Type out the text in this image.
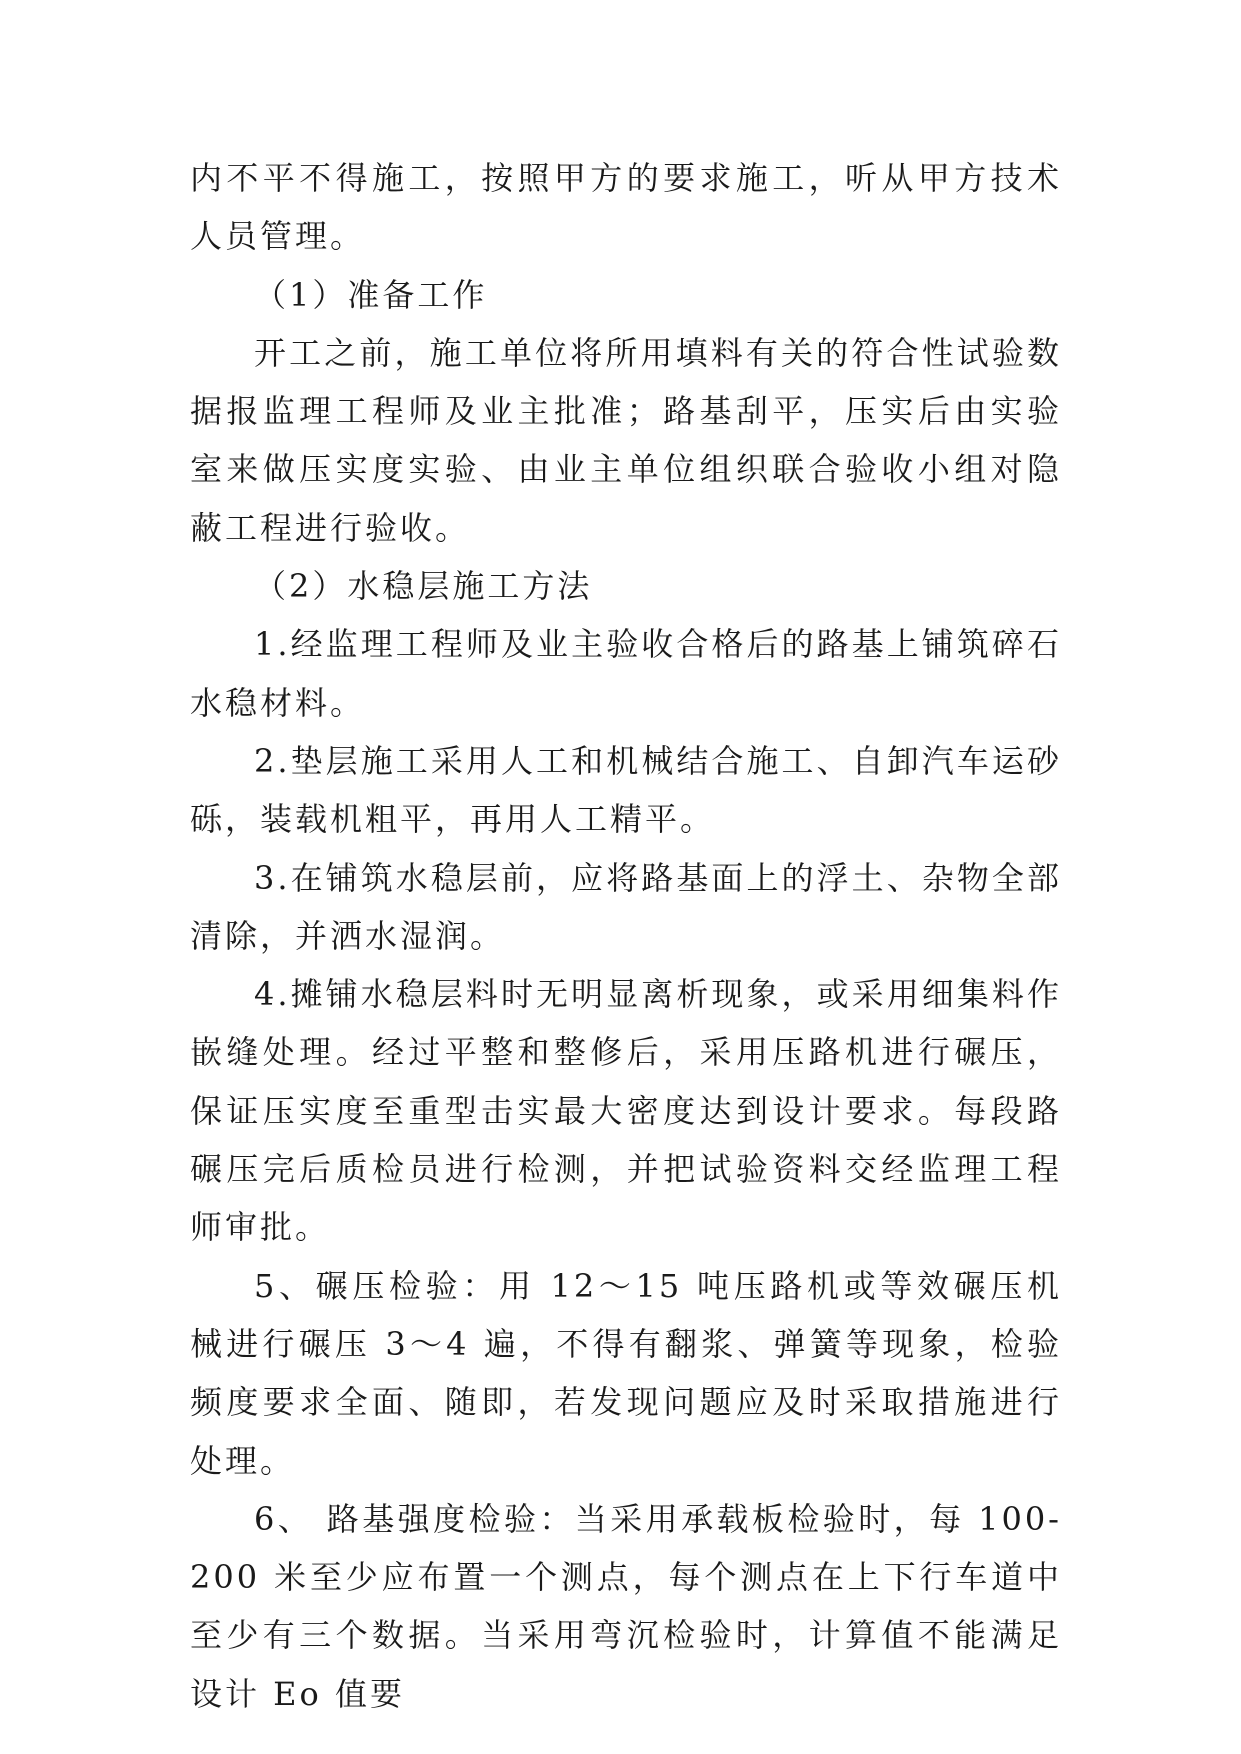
内不平不得施工，按照甲方的要求施工，听从甲方技术人员管理。

（1）准备工作

开工之前，施工单位将所用填料有关的符合性试验数据报监理工程师及业主批准；路基刮平，压实后由实验室来做压实度实验、由业主单位组织联合验收小组对隐蔽工程进行验收。

（2）水稳层施工方法

1.经监理工程师及业主验收合格后的路基上铺筑碎石水稳材料。

2.垫层施工采用人工和机械结合施工、自卸汽车运砂砾，装载机粗平，再用人工精平。

3.在铺筑水稳层前，应将路基面上的浮土、杂物全部清除，并洒水湿润。

4.摊铺水稳层料时无明显离析现象，或采用细集料作嵌缝处理。经过平整和整修后，采用压路机进行碾压，保证压实度至重型击实最大密度达到设计要求。每段路碾压完后质检员进行检测，并把试验资料交经监理工程师审批。

5、碾压检验：用 12～15 吨压路机或等效碾压机械进行碾压 3～4 遍，不得有翻浆、弹簧等现象，检验频度要求全面、随即，若发现问题应及时采取措施进行处理。

6、 路基强度检验：当采用承载板检验时，每 100-200 米至少应布置一个测点，每个测点在上下行车道中至少有三个数据。当采用弯沉检验时，计算值不能满足设计 Eo 值要
